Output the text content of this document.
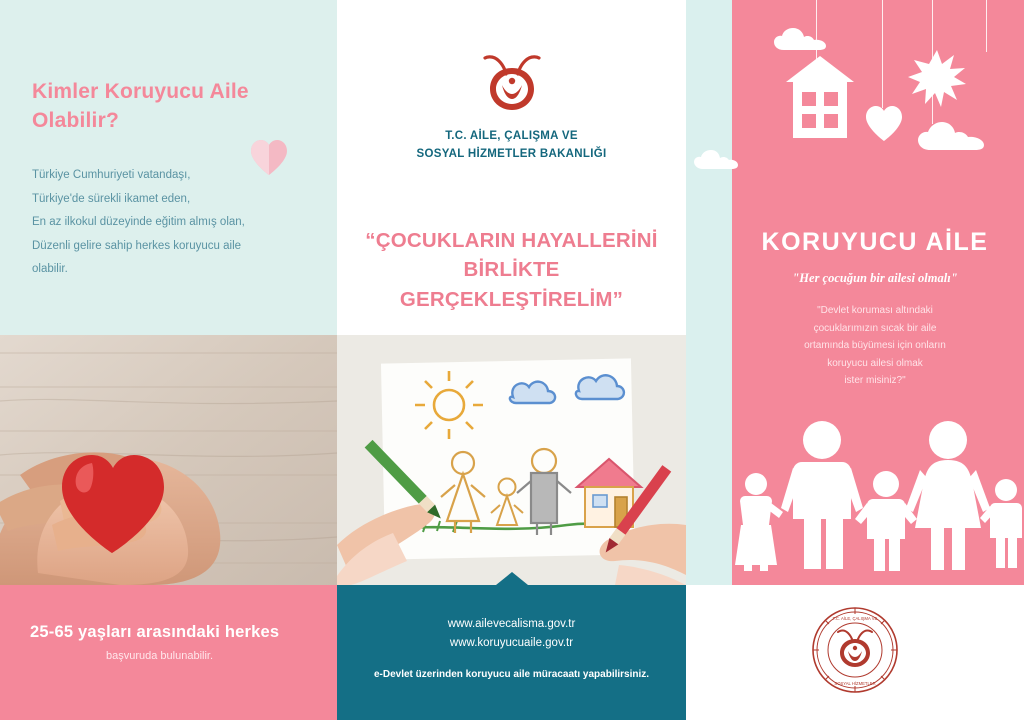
Kimler Koruyucu Aile Olabilir?
Türkiye Cumhuriyeti vatandaşı,
Türkiye'de sürekli ikamet eden,
En az ilkokul düzeyinde eğitim almış olan,
Düzenli gelire sahip herkes koruyucu aile
olabilir.
T.C. AİLE, ÇALIŞMA VE
SOSYAL HİZMETLER BAKANLIĞI
“ÇOCUKLARIN HAYALLERİNİ
BİRLİKTE GERÇEKLEŞTİRELİM”
KORUYUCU AİLE
"Her çocuğun bir ailesi olmalı"
"Devlet koruması altındaki
çocuklarımızın sıcak bir aile
ortamında büyümesi için onların
koruyucu ailesi olmak
ister misiniz?"
25-65 yaşları arasındaki herkes
başvuruda bulunabilir.
www.ailevecalisma.gov.tr
www.koruyucuaile.gov.tr
e-Devlet üzerinden koruyucu aile müracaatı yapabilirsiniz.
T.C. AİLE, ÇALIŞMA VE
SOSYAL HİZMETLER
